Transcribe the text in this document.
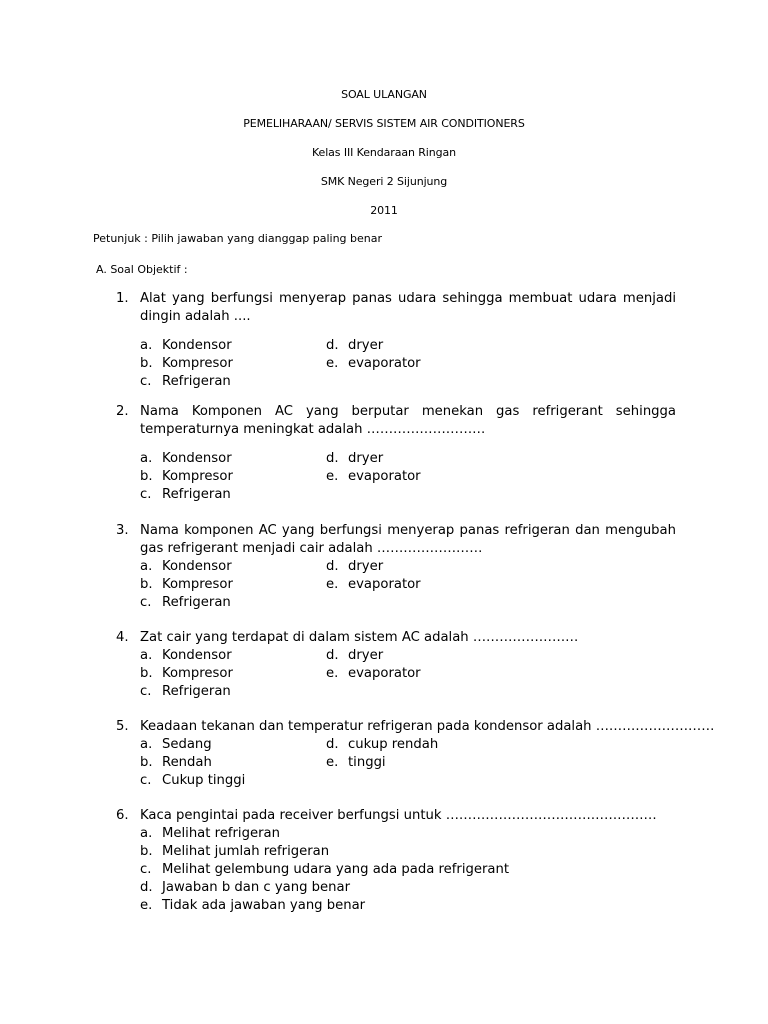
SOAL ULANGAN
PEMELIHARAAN/ SERVIS SISTEM AIR CONDITIONERS
Kelas III Kendaraan Ringan
SMK Negeri 2 Sijunjung
2011
Petunjuk : Pilih jawaban yang dianggap paling benar
A. Soal Objektif :
1. Alat yang berfungsi menyerap panas udara sehingga membuat udara menjadi dingin adalah ....
a. Kondensor
b. Kompresor
c. Refrigeran
d. dryer
e. evaporator
2. Nama Komponen AC yang berputar menekan gas refrigerant sehingga temperaturnya meningkat adalah ………………………
a. Kondensor
b. Kompresor
c. Refrigeran
d. dryer
e. evaporator
3. Nama komponen AC yang berfungsi menyerap panas refrigeran dan mengubah gas refrigerant menjadi cair adalah ……………………
a. Kondensor
b. Kompresor
c. Refrigeran
d. dryer
e. evaporator
4. Zat cair yang terdapat di dalam sistem AC adalah ……………………
a. Kondensor
b. Kompresor
c. Refrigeran
d. dryer
e. evaporator
5. Keadaan tekanan dan temperatur refrigeran pada kondensor adalah ………………………
a. Sedang
b. Rendah
c. Cukup tinggi
d. cukup rendah
e. tinggi
6. Kaca pengintai pada receiver berfungsi untuk …………………………………………
a. Melihat refrigeran
b. Melihat jumlah refrigeran
c. Melihat gelembung udara yang ada pada refrigerant
d. Jawaban b dan c yang benar
e. Tidak ada jawaban yang benar
